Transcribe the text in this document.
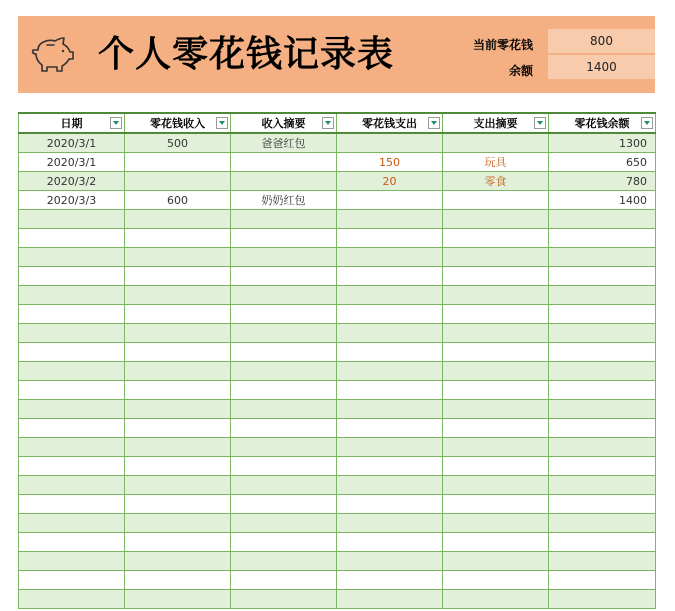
个人零花钱记录表	当前零花钱	800
余额	1400
日期	零花钱收入	收入摘要	零花钱支出	支出摘要	零花钱余额

2020/3/1	500	爸爸红包			1300
2020/3/1			150	玩具	650
2020/3/2			20	零食	780
2020/3/3	600	奶奶红包			1400
